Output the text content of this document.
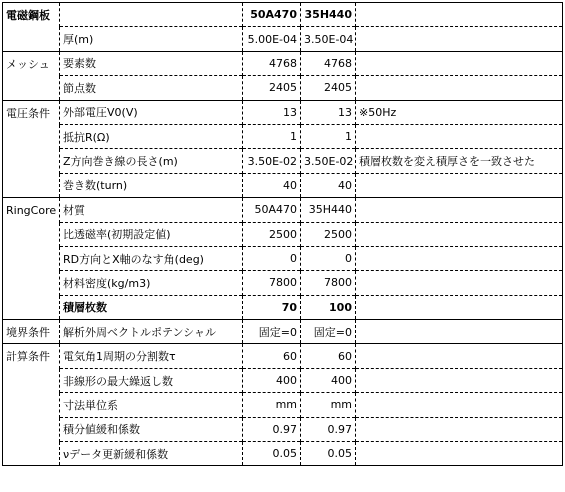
電磁鋼板		50A470	35H440	
	厚(m)	5.00E-04	3.50E-04	
メッシュ	要素数	4768	4768	
	節点数	2405	2405	
電圧条件	外部電圧V0(V)	13	13	※50Hz
	抵抗R(Ω)	1	1	
	Z方向巻き線の長さ(m)	3.50E-02	3.50E-02	積層枚数を変え積厚さを一致させた
	巻き数(turn)	40	40	
RingCore	材質	50A470	35H440	
	比透磁率(初期設定値)	2500	2500	
	RD方向とX軸のなす角(deg)	0	0	
	材料密度(kg/m3)	7800	7800	
	積層枚数	70	100	
境界条件	解析外周ベクトルポテンシャル	固定=0	固定=0	
計算条件	電気角1周期の分割数τ	60	60	
	非線形の最大繰返し数	400	400	
	寸法単位系	mm	mm	
	積分値緩和係数	0.97	0.97	
	νデータ更新緩和係数	0.05	0.05	
